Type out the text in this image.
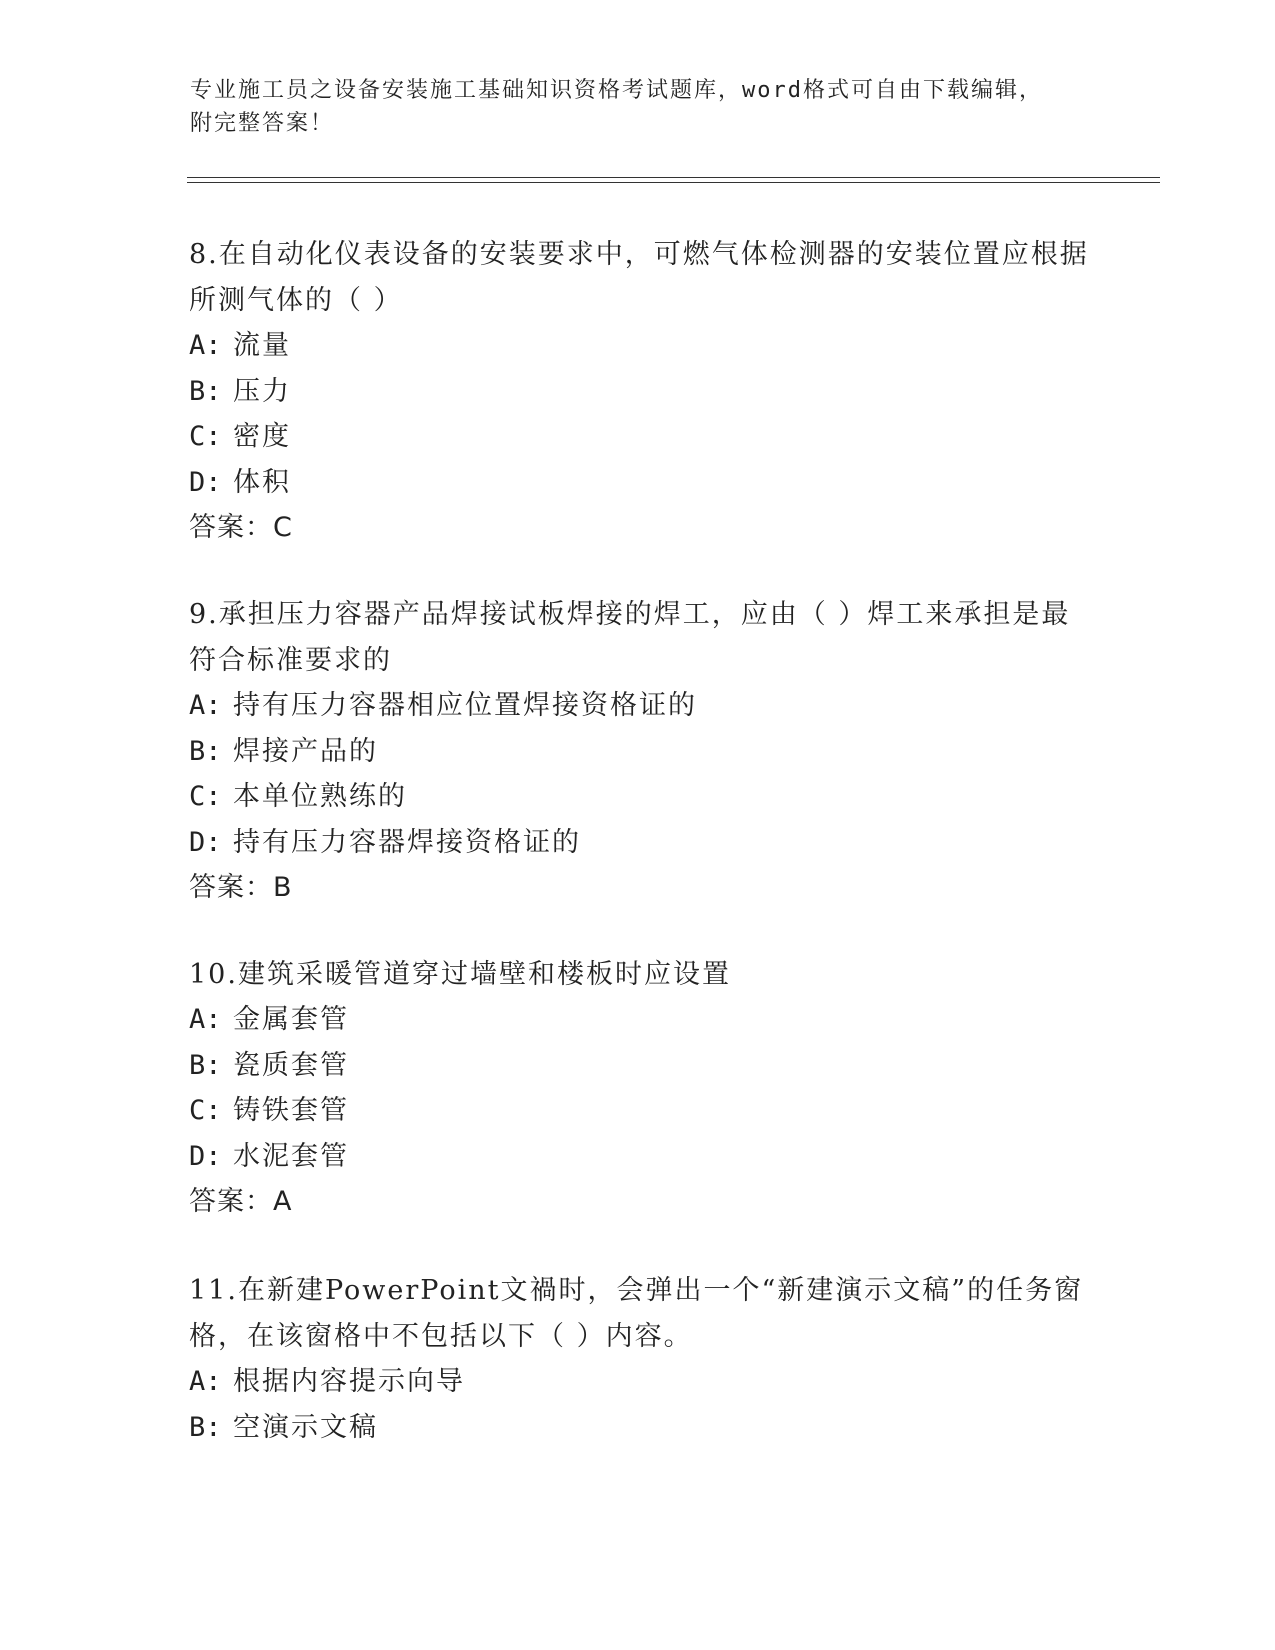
专业施工员之设备安装施工基础知识资格考试题库，word格式可自由下载编辑，
附完整答案！
8.在自动化仪表设备的安装要求中，可燃气体检测器的安装位置应根据所测气体的（ ）
A: 流量
B: 压力
C: 密度
D: 体积
答案：C
9.承担压力容器产品焊接试板焊接的焊工，应由（ ）焊工来承担是最符合标准要求的
A: 持有压力容器相应位置焊接资格证的
B: 焊接产品的
C: 本单位熟练的
D: 持有压力容器焊接资格证的
答案：B
10.建筑采暖管道穿过墙壁和楼板时应设置
A: 金属套管
B: 瓷质套管
C: 铸铁套管
D: 水泥套管
答案：A
11.在新建PowerPoint文禍时，会弹出一个“新建演示文稿”的任务窗格，在该窗格中不包括以下（ ）内容。
A: 根据内容提示向导
B: 空演示文稿
